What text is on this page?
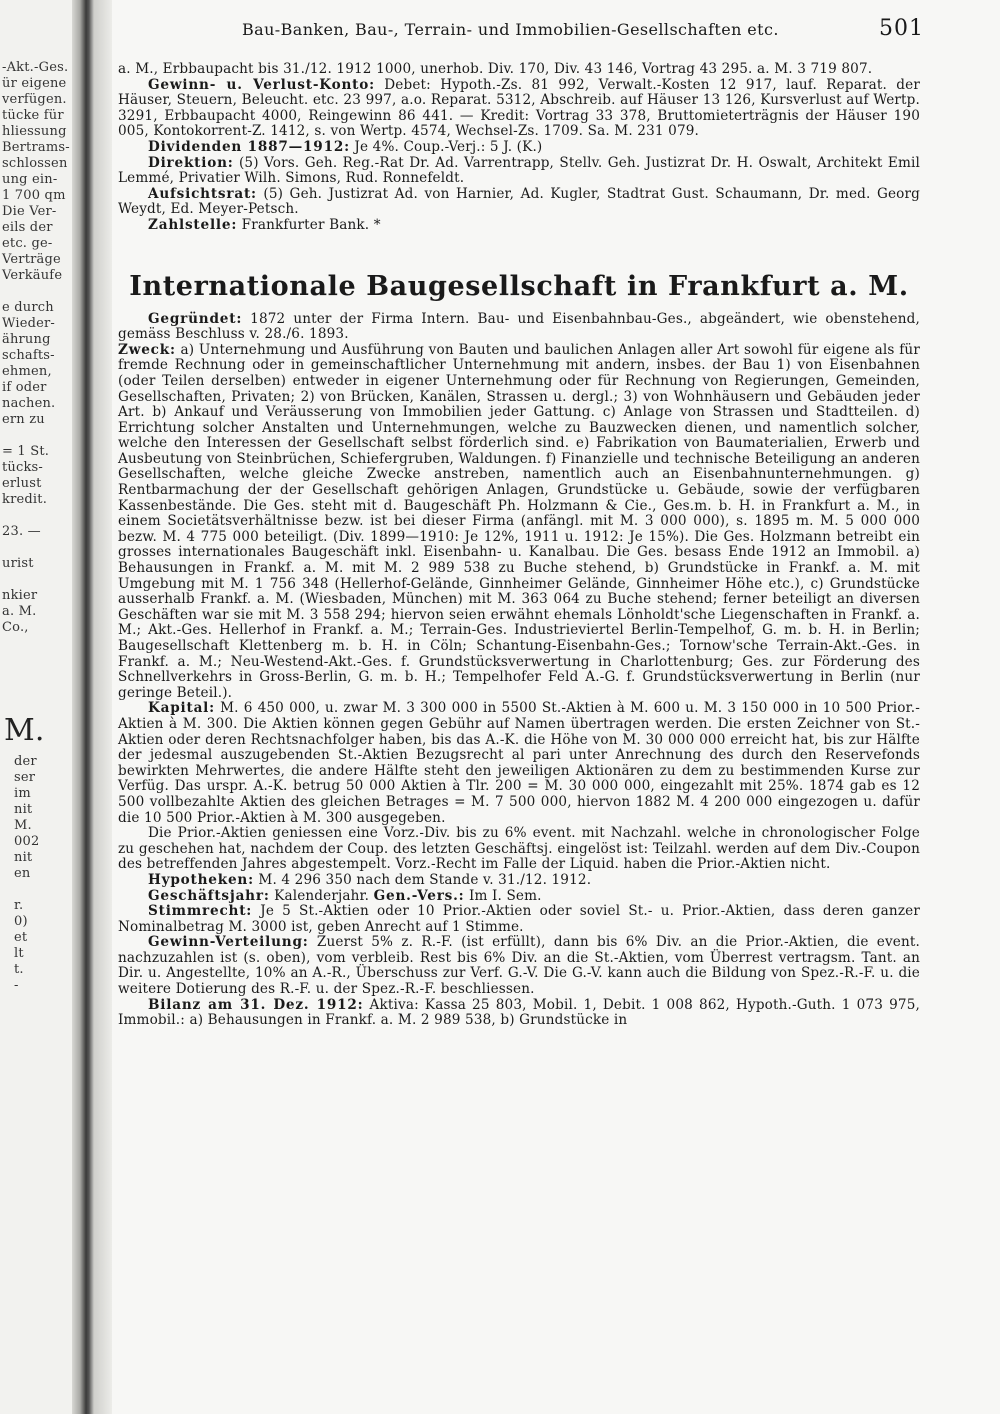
-Akt.-Ges.
ür eigene
verfügen.
tücke für
hliessung
Bertrams-
schlossen
ung ein-
1 700 qm
Die Ver-
eils der
etc. ge-
Verträge
Verkäufe
e durch
Wieder-
ährung
schafts-
ehmen,
if oder
nachen.
ern zu
= 1 St.
tücks-
erlust
kredit.
23. —
urist
nkier
a. M.
Co.,
M.
der
ser
im
nit
M.
002
nit
en
r.
0)
et
lt
t.
-
Bau-Banken, Bau-, Terrain- und Immobilien-Gesellschaften etc.	501

a. M., Erbbaupacht bis 31./12. 1912 1000, unerhob. Div. 170, Div. 43 146, Vortrag 43 295. a. M. 3 719 807.

Gewinn- u. Verlust-Konto: Debet: Hypoth.-Zs. 81 992, Verwalt.-Kosten 12 917, lauf. Reparat. der Häuser, Steuern, Beleucht. etc. 23 997, a.o. Reparat. 5312, Abschreib. auf Häuser 13 126, Kursverlust auf Wertp. 3291, Erbbaupacht 4000, Reingewinn 86 441. — Kredit: Vortrag 33 378, Bruttomieterträgnis der Häuser 190 005, Kontokorrent-Z. 1412, s. von Wertp. 4574, Wechsel-Zs. 1709. Sa. M. 231 079.

Dividenden 1887—1912: Je 4%. Coup.-Verj.: 5 J. (K.)

Direktion: (5) Vors. Geh. Reg.-Rat Dr. Ad. Varrentrapp, Stellv. Geh. Justizrat Dr. H. Oswalt, Architekt Emil Lemmé, Privatier Wilh. Simons, Rud. Ronnefeldt.

Aufsichtsrat: (5) Geh. Justizrat Ad. von Harnier, Ad. Kugler, Stadtrat Gust. Schaumann, Dr. med. Georg Weydt, Ed. Meyer-Petsch.

Zahlstelle: Frankfurter Bank. *

Internationale Baugesellschaft in Frankfurt a. M.

Gegründet: 1872 unter der Firma Intern. Bau- und Eisenbahnbau-Ges., abgeändert, wie obenstehend, gemäss Beschluss v. 28./6. 1893.

Zweck: a) Unternehmung und Ausführung von Bauten und baulichen Anlagen aller Art sowohl für eigene als für fremde Rechnung oder in gemeinschaftlicher Unternehmung mit andern, insbes. der Bau 1) von Eisenbahnen (oder Teilen derselben) entweder in eigener Unternehmung oder für Rechnung von Regierungen, Gemeinden, Gesellschaften, Privaten; 2) von Brücken, Kanälen, Strassen u. dergl.; 3) von Wohnhäusern und Gebäuden jeder Art. b) Ankauf und Veräusserung von Immobilien jeder Gattung. c) Anlage von Strassen und Stadtteilen. d) Errichtung solcher Anstalten und Unternehmungen, welche zu Bauzwecken dienen, und namentlich solcher, welche den Interessen der Gesellschaft selbst förderlich sind. e) Fabrikation von Baumaterialien, Erwerb und Ausbeutung von Steinbrüchen, Schiefergruben, Waldungen. f) Finanzielle und technische Beteiligung an anderen Gesellschaften, welche gleiche Zwecke anstreben, namentlich auch an Eisenbahnunternehmungen. g) Rentbarmachung der der Gesellschaft gehörigen Anlagen, Grundstücke u. Gebäude, sowie der verfügbaren Kassenbestände. Die Ges. steht mit d. Baugeschäft Ph. Holzmann & Cie., Ges.m. b. H. in Frankfurt a. M., in einem Societätsverhältnisse bezw. ist bei dieser Firma (anfängl. mit M. 3 000 000), s. 1895 m. M. 5 000 000 bezw. M. 4 775 000 beteiligt. (Div. 1899—1910: Je 12%, 1911 u. 1912: Je 15%). Die Ges. Holzmann betreibt ein grosses internationales Baugeschäft inkl. Eisenbahn- u. Kanalbau. Die Ges. besass Ende 1912 an Immobil. a) Behausungen in Frankf. a. M. mit M. 2 989 538 zu Buche stehend, b) Grundstücke in Frankf. a. M. mit Umgebung mit M. 1 756 348 (Hellerhof-Gelände, Ginnheimer Gelände, Ginnheimer Höhe etc.), c) Grundstücke ausserhalb Frankf. a. M. (Wiesbaden, München) mit M. 363 064 zu Buche stehend; ferner beteiligt an diversen Geschäften war sie mit M. 3 558 294; hiervon seien erwähnt ehemals Lönholdt'sche Liegenschaften in Frankf. a. M.; Akt.-Ges. Hellerhof in Frankf. a. M.; Terrain-Ges. Industrieviertel Berlin-Tempelhof, G. m. b. H. in Berlin; Baugesellschaft Klettenberg m. b. H. in Cöln; Schantung-Eisenbahn-Ges.; Tornow'sche Terrain-Akt.-Ges. in Frankf. a. M.; Neu-Westend-Akt.-Ges. f. Grundstücksverwertung in Charlottenburg; Ges. zur Förderung des Schnellverkehrs in Gross-Berlin, G. m. b. H.; Tempelhofer Feld A.-G. f. Grundstücksverwertung in Berlin (nur geringe Beteil.).

Kapital: M. 6 450 000, u. zwar M. 3 300 000 in 5500 St.-Aktien à M. 600 u. M. 3 150 000 in 10 500 Prior.-Aktien à M. 300. Die Aktien können gegen Gebühr auf Namen übertragen werden. Die ersten Zeichner von St.-Aktien oder deren Rechtsnachfolger haben, bis das A.-K. die Höhe von M. 30 000 000 erreicht hat, bis zur Hälfte der jedesmal auszugebenden St.-Aktien Bezugsrecht al pari unter Anrechnung des durch den Reservefonds bewirkten Mehrwertes, die andere Hälfte steht den jeweiligen Aktionären zu dem zu bestimmenden Kurse zur Verfüg. Das urspr. A.-K. betrug 50 000 Aktien à Tlr. 200 = M. 30 000 000, eingezahlt mit 25%. 1874 gab es 12 500 vollbezahlte Aktien des gleichen Betrages = M. 7 500 000, hiervon 1882 M. 4 200 000 eingezogen u. dafür die 10 500 Prior.-Aktien à M. 300 ausgegeben.

Die Prior.-Aktien geniessen eine Vorz.-Div. bis zu 6% event. mit Nachzahl. welche in chronologischer Folge zu geschehen hat, nachdem der Coup. des letzten Geschäftsj. eingelöst ist: Teilzahl. werden auf dem Div.-Coupon des betreffenden Jahres abgestempelt. Vorz.-Recht im Falle der Liquid. haben die Prior.-Aktien nicht.

Hypotheken: M. 4 296 350 nach dem Stande v. 31./12. 1912.

Geschäftsjahr: Kalenderjahr. Gen.-Vers.: Im I. Sem.

Stimmrecht: Je 5 St.-Aktien oder 10 Prior.-Aktien oder soviel St.- u. Prior.-Aktien, dass deren ganzer Nominalbetrag M. 3000 ist, geben Anrecht auf 1 Stimme.

Gewinn-Verteilung: Zuerst 5% z. R.-F. (ist erfüllt), dann bis 6% Div. an die Prior.-Aktien, die event. nachzuzahlen ist (s. oben), vom verbleib. Rest bis 6% Div. an die St.-Aktien, vom Überrest vertragsm. Tant. an Dir. u. Angestellte, 10% an A.-R., Überschuss zur Verf. G.-V. Die G.-V. kann auch die Bildung von Spez.-R.-F. u. die weitere Dotierung des R.-F. u. der Spez.-R.-F. beschliessen.

Bilanz am 31. Dez. 1912: Aktiva: Kassa 25 803, Mobil. 1, Debit. 1 008 862, Hypoth.-Guth. 1 073 975, Immobil.: a) Behausungen in Frankf. a. M. 2 989 538, b) Grundstücke in
